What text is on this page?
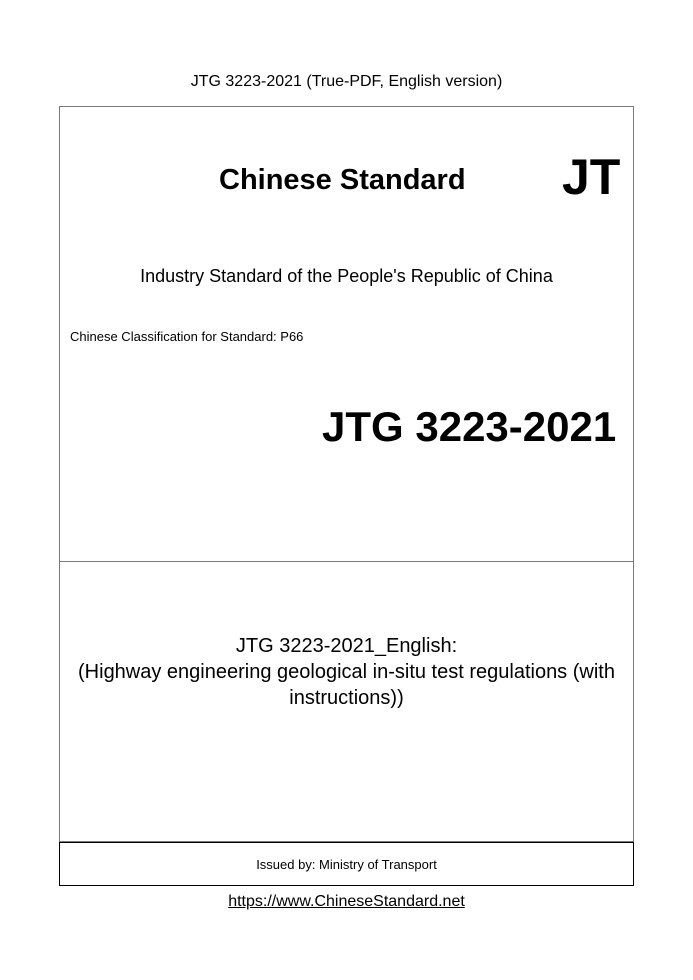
JTG 3223-2021 (True-PDF, English version)
Chinese Standard JT
Industry Standard of the People's Republic of China
Chinese Classification for Standard: P66
JTG 3223-2021
JTG 3223-2021_English:
(Highway engineering geological in-situ test regulations (with
instructions))
Issued by: Ministry of Transport
https://www.ChineseStandard.net
